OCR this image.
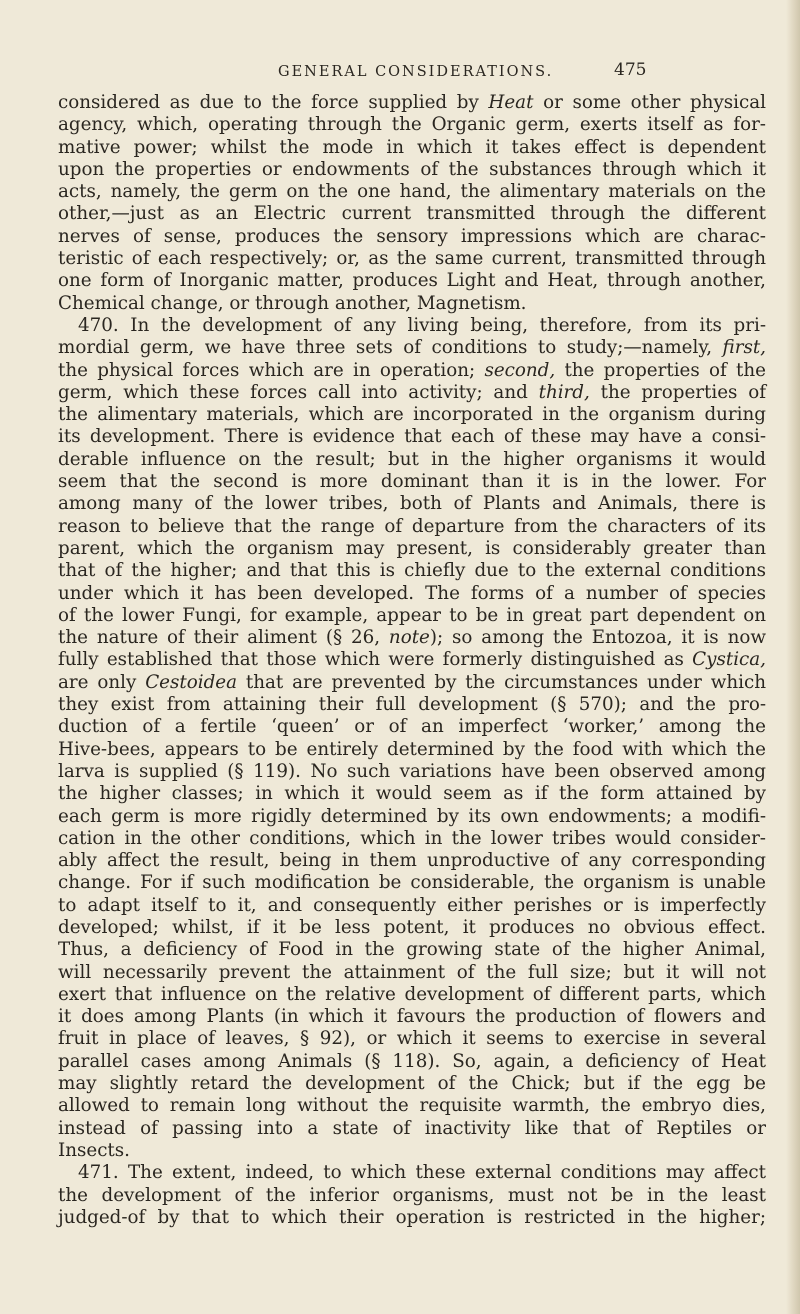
GENERAL CONSIDERATIONS.	475
considered as due to the force supplied by Heat or some other physical
agency, which, operating through the Organic germ, exerts itself as for-
mative power; whilst the mode in which it takes effect is dependent
upon the properties or endowments of the substances through which it
acts, namely, the germ on the one hand, the alimentary materials on the
other,—just as an Electric current transmitted through the different
nerves of sense, produces the sensory impressions which are charac-
teristic of each respectively; or, as the same current, transmitted through
one form of Inorganic matter, produces Light and Heat, through another,
Chemical change, or through another, Magnetism.
470. In the development of any living being, therefore, from its pri-
mordial germ, we have three sets of conditions to study;—namely, first,
the physical forces which are in operation; second, the properties of the
germ, which these forces call into activity; and third, the properties of
the alimentary materials, which are incorporated in the organism during
its development. There is evidence that each of these may have a consi-
derable influence on the result; but in the higher organisms it would
seem that the second is more dominant than it is in the lower. For
among many of the lower tribes, both of Plants and Animals, there is
reason to believe that the range of departure from the characters of its
parent, which the organism may present, is considerably greater than
that of the higher; and that this is chiefly due to the external conditions
under which it has been developed. The forms of a number of species
of the lower Fungi, for example, appear to be in great part dependent on
the nature of their aliment (§ 26, note); so among the Entozoa, it is now
fully established that those which were formerly distinguished as Cystica,
are only Cestoidea that are prevented by the circumstances under which
they exist from attaining their full development (§ 570); and the pro-
duction of a fertile ‘queen’ or of an imperfect ‘worker,’ among the
Hive-bees, appears to be entirely determined by the food with which the
larva is supplied (§ 119). No such variations have been observed among
the higher classes; in which it would seem as if the form attained by
each germ is more rigidly determined by its own endowments; a modifi-
cation in the other conditions, which in the lower tribes would consider-
ably affect the result, being in them unproductive of any corresponding
change. For if such modification be considerable, the organism is unable
to adapt itself to it, and consequently either perishes or is imperfectly
developed; whilst, if it be less potent, it produces no obvious effect.
Thus, a deficiency of Food in the growing state of the higher Animal,
will necessarily prevent the attainment of the full size; but it will not
exert that influence on the relative development of different parts, which
it does among Plants (in which it favours the production of flowers and
fruit in place of leaves, § 92), or which it seems to exercise in several
parallel cases among Animals (§ 118). So, again, a deficiency of Heat
may slightly retard the development of the Chick; but if the egg be
allowed to remain long without the requisite warmth, the embryo dies,
instead of passing into a state of inactivity like that of Reptiles or
Insects.
471. The extent, indeed, to which these external conditions may affect
the development of the inferior organisms, must not be in the least
judged-of by that to which their operation is restricted in the higher;
